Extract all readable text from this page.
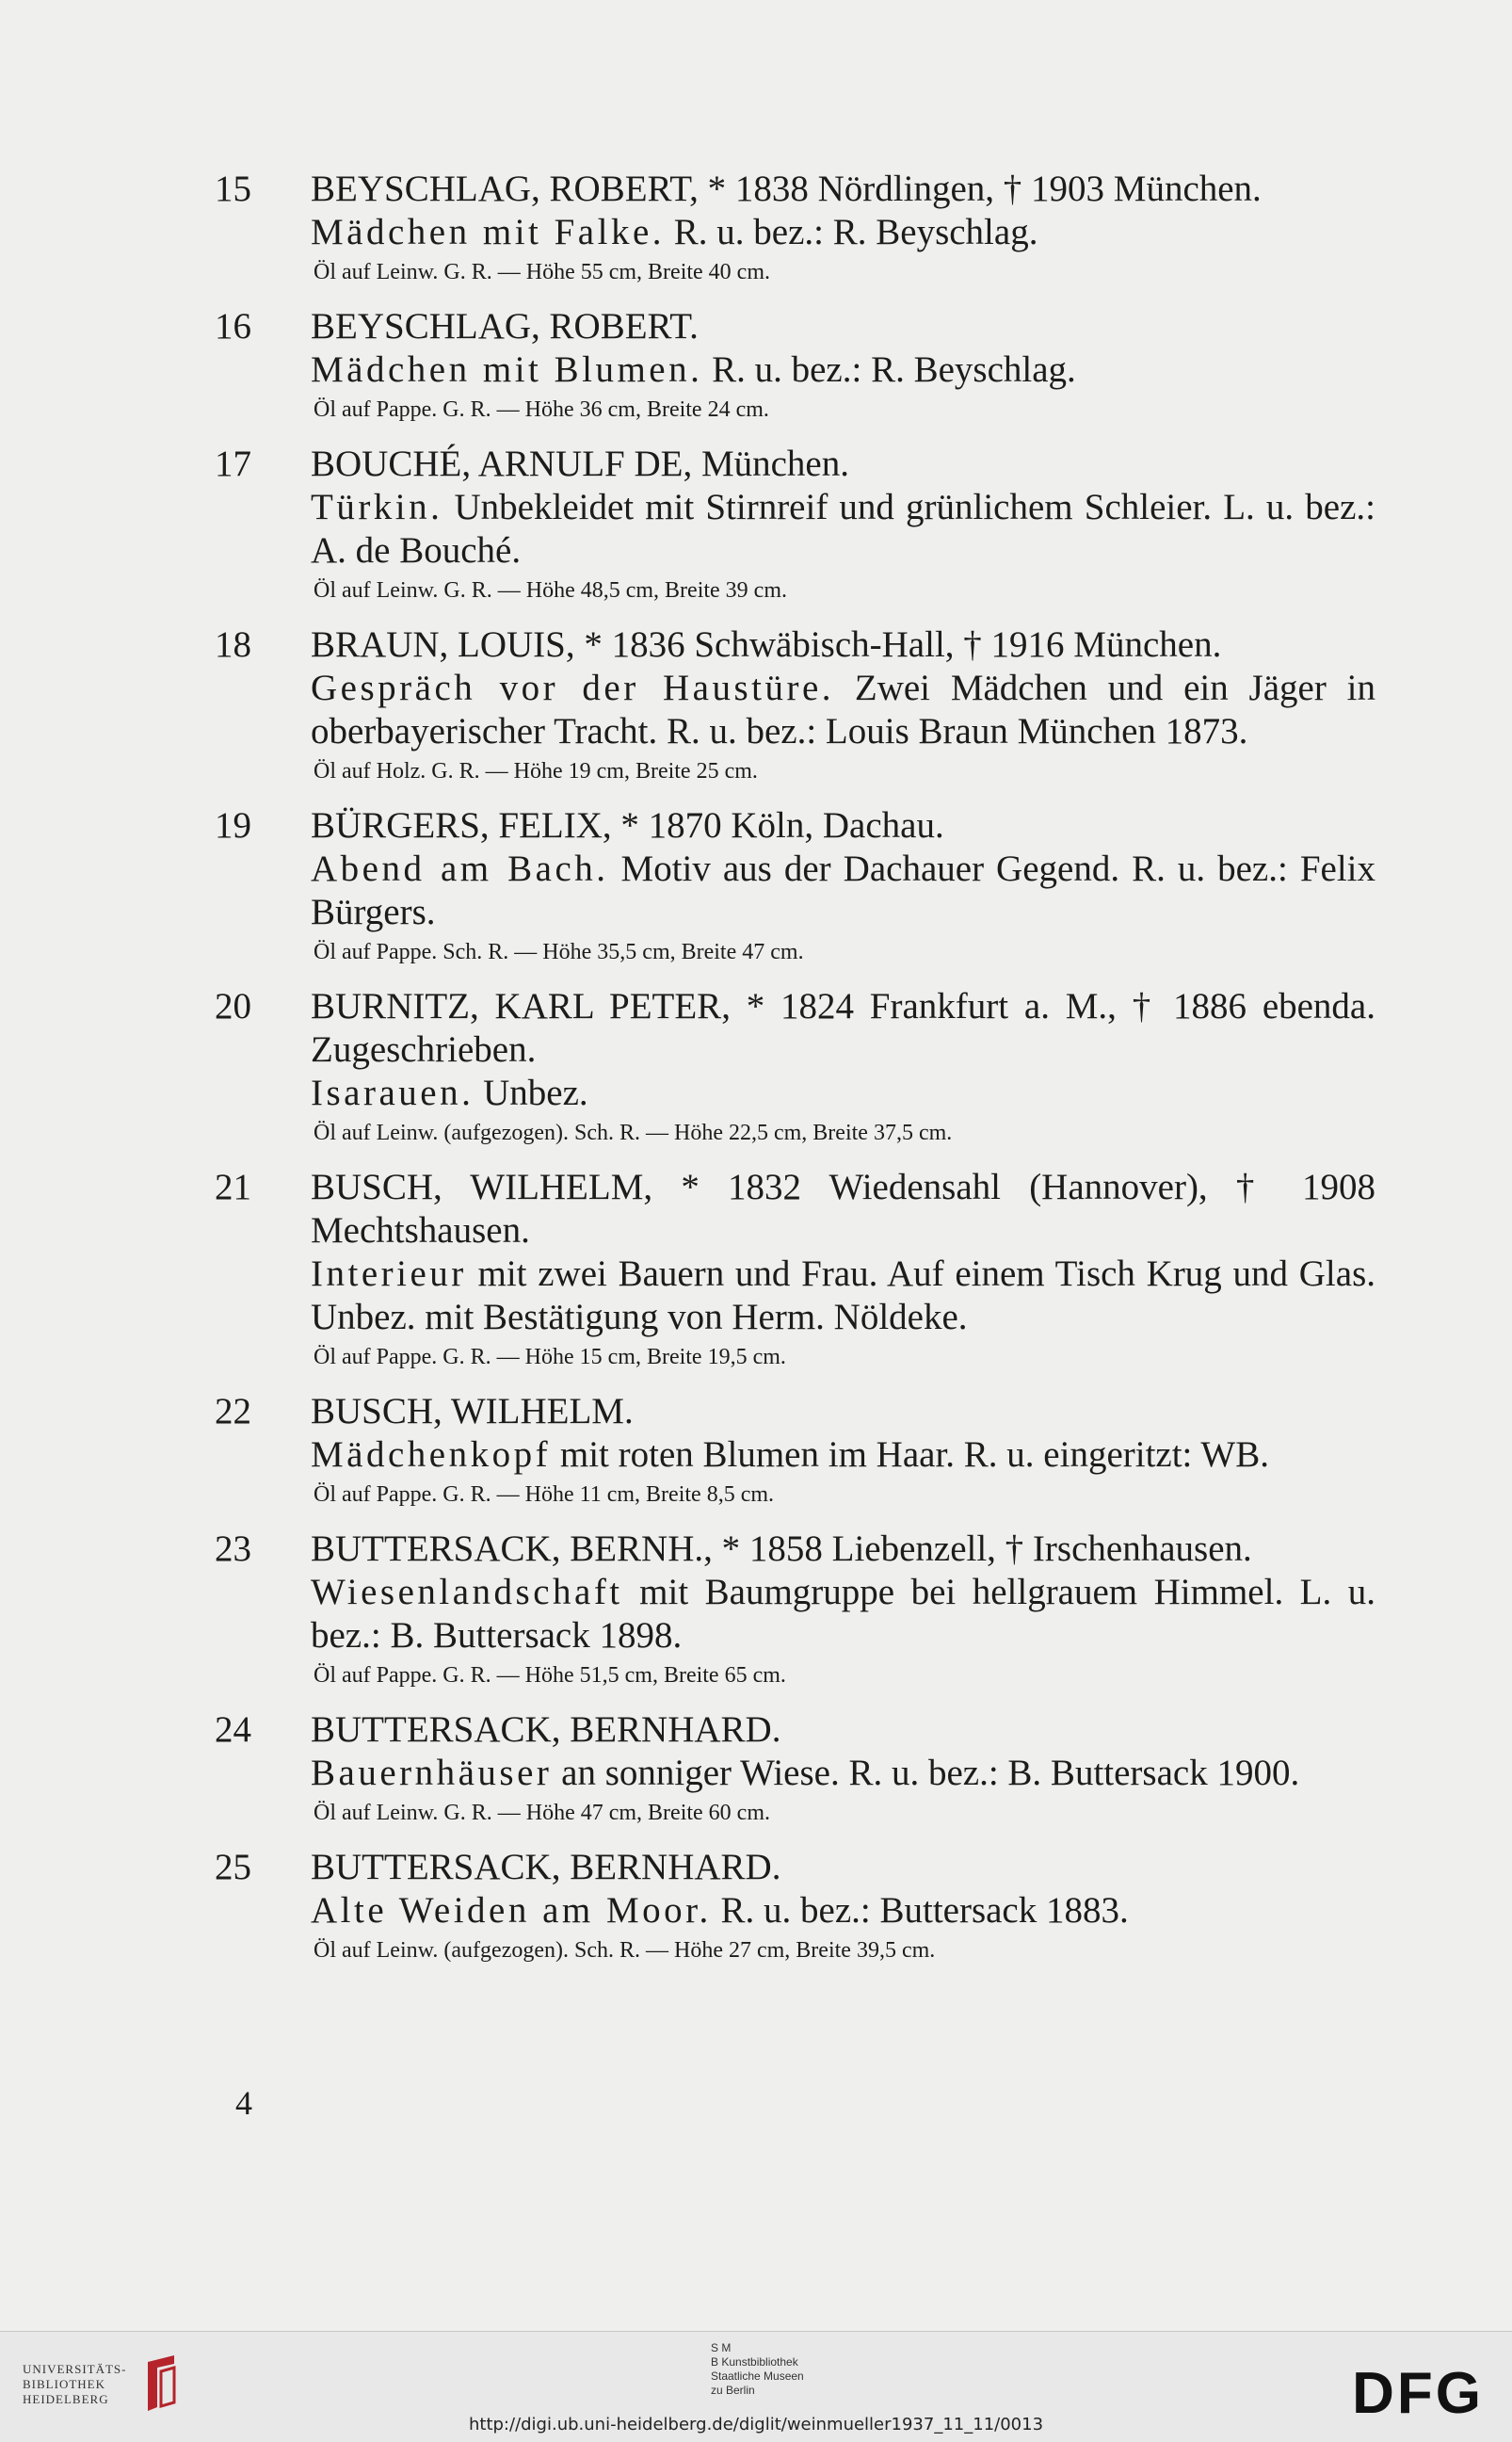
15	BEYSCHLAG, ROBERT, * 1838 Nördlingen, † 1903 München.

Mädchen mit Falke. R. u. bez.: R. Beyschlag.

Öl auf Leinw. G. R. — Höhe 55 cm, Breite 40 cm.
16	BEYSCHLAG, ROBERT.

Mädchen mit Blumen. R. u. bez.: R. Beyschlag.

Öl auf Pappe. G. R. — Höhe 36 cm, Breite 24 cm.
17	BOUCHÉ, ARNULF DE, München.

Türkin. Unbekleidet mit Stirnreif und grünlichem Schleier. L. u. bez.: A. de Bouché.

Öl auf Leinw. G. R. — Höhe 48,5 cm, Breite 39 cm.
18	BRAUN, LOUIS, * 1836 Schwäbisch-Hall, † 1916 München.

Gespräch vor der Haustüre. Zwei Mädchen und ein Jäger in oberbayerischer Tracht. R. u. bez.: Louis Braun München 1873.

Öl auf Holz. G. R. — Höhe 19 cm, Breite 25 cm.
19	BÜRGERS, FELIX, * 1870 Köln, Dachau.

Abend am Bach. Motiv aus der Dachauer Gegend. R. u. bez.: Felix Bürgers.

Öl auf Pappe. Sch. R. — Höhe 35,5 cm, Breite 47 cm.
20	BURNITZ, KARL PETER, * 1824 Frankfurt a. M., † 1886 ebenda. Zugeschrieben.

Isarauen. Unbez.

Öl auf Leinw. (aufgezogen). Sch. R. — Höhe 22,5 cm, Breite 37,5 cm.
21	BUSCH, WILHELM, * 1832 Wiedensahl (Hannover), † 1908 Mechtshausen.

Interieur mit zwei Bauern und Frau. Auf einem Tisch Krug und Glas. Unbez. mit Bestätigung von Herm. Nöldeke.

Öl auf Pappe. G. R. — Höhe 15 cm, Breite 19,5 cm.
22	BUSCH, WILHELM.

Mädchenkopf mit roten Blumen im Haar. R. u. eingeritzt: WB.

Öl auf Pappe. G. R. — Höhe 11 cm, Breite 8,5 cm.
23	BUTTERSACK, BERNH., * 1858 Liebenzell, † Irschenhausen.

Wiesenlandschaft mit Baumgruppe bei hellgrauem Himmel. L. u. bez.: B. Buttersack 1898.

Öl auf Pappe. G. R. — Höhe 51,5 cm, Breite 65 cm.
24	BUTTERSACK, BERNHARD.

Bauernhäuser an sonniger Wiese. R. u. bez.: B. Buttersack 1900.

Öl auf Leinw. G. R. — Höhe 47 cm, Breite 60 cm.
25	BUTTERSACK, BERNHARD.

Alte Weiden am Moor. R. u. bez.: Buttersack 1883.

Öl auf Leinw. (aufgezogen). Sch. R. — Höhe 27 cm, Breite 39,5 cm.
4
UNIVERSITÄTS-
BIBLIOTHEK
HEIDELBERG
S M
B Kunstbibliothek
Staatliche Museen
zu Berlin	DFG
http://digi.ub.uni-heidelberg.de/diglit/weinmueller1937_11_11/0013
